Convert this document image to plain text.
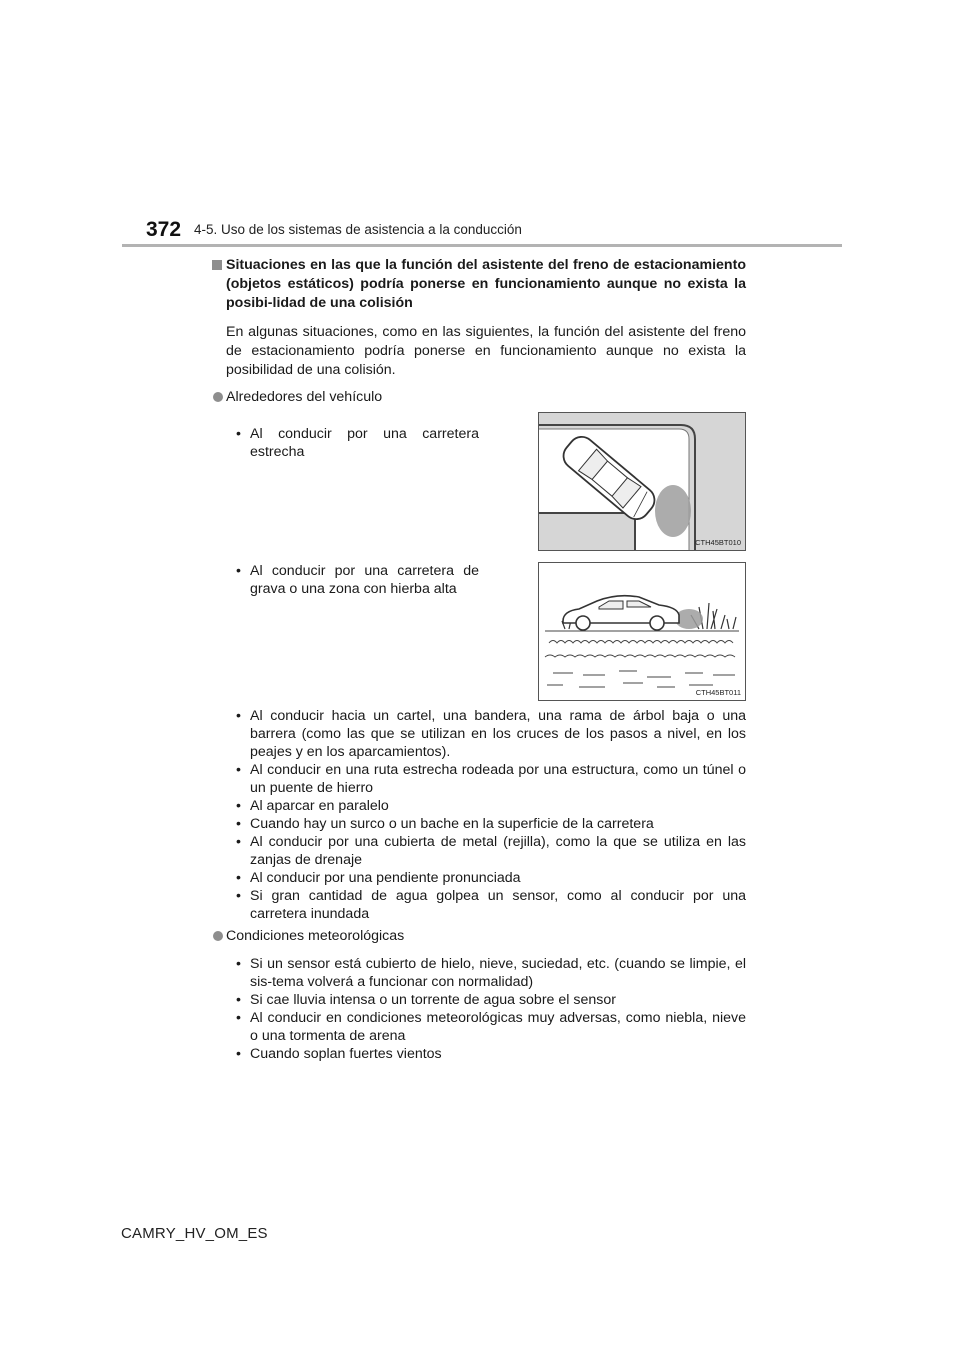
372 4-5. Uso de los sistemas de asistencia a la conducción
Situaciones en las que la función del asistente del freno de estacionamiento (objetos estáticos) podría ponerse en funcionamiento aunque no exista la posibi-lidad de una colisión

En algunas situaciones, como en las siguientes, la función del asistente del freno de estacionamiento podría ponerse en funcionamiento aunque no exista la posibilidad de una colisión.

Alrededores del vehículo
• Al conducir por una carretera estrecha
CTH45BT010
• Al conducir por una carretera de grava o una zona con hierba alta
CTH45BT011
• Al conducir hacia un cartel, una bandera, una rama de árbol baja o una barrera (como las que se utilizan en los cruces de los pasos a nivel, en los peajes y en los aparcamientos).
• Al conducir en una ruta estrecha rodeada por una estructura, como un túnel o un puente de hierro
• Al aparcar en paralelo
• Cuando hay un surco o un bache en la superficie de la carretera
• Al conducir por una cubierta de metal (rejilla), como la que se utiliza en las zanjas de drenaje
• Al conducir por una pendiente pronunciada
• Si gran cantidad de agua golpea un sensor, como al conducir por una carretera inundada
Condiciones meteorológicas
• Si un sensor está cubierto de hielo, nieve, suciedad, etc. (cuando se limpie, el sis-tema volverá a funcionar con normalidad)
• Si cae lluvia intensa o un torrente de agua sobre el sensor
• Al conducir en condiciones meteorológicas muy adversas, como niebla, nieve o una tormenta de arena
• Cuando soplan fuertes vientos
CAMRY_HV_OM_ES
